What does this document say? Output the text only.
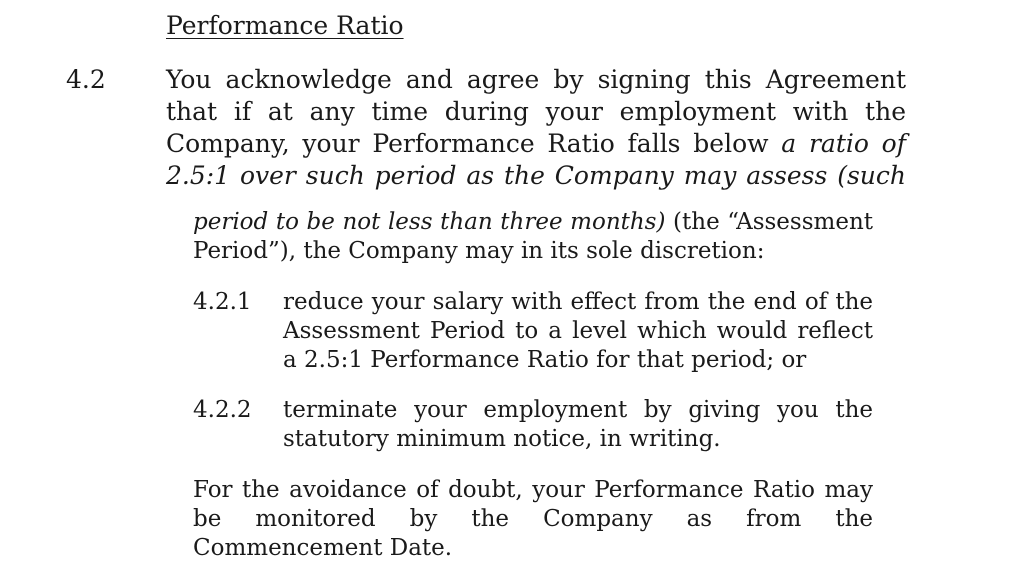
Performance Ratio
4.2 You acknowledge and agree by signing this Agreement
that if at any time during your employment with the
Company, your Performance Ratio falls below a ratio of
2.5:1 over such period as the Company may assess (such
period to be not less than three months) (the “Assessment
Period”), the Company may in its sole discretion:
4.2.1 reduce your salary with effect from the end of the
Assessment Period to a level which would reflect
a 2.5:1 Performance Ratio for that period; or
4.2.2 terminate your employment by giving you the
statutory minimum notice, in writing.
For the avoidance of doubt, your Performance Ratio may
be monitored by the Company as from the
Commencement Date.
